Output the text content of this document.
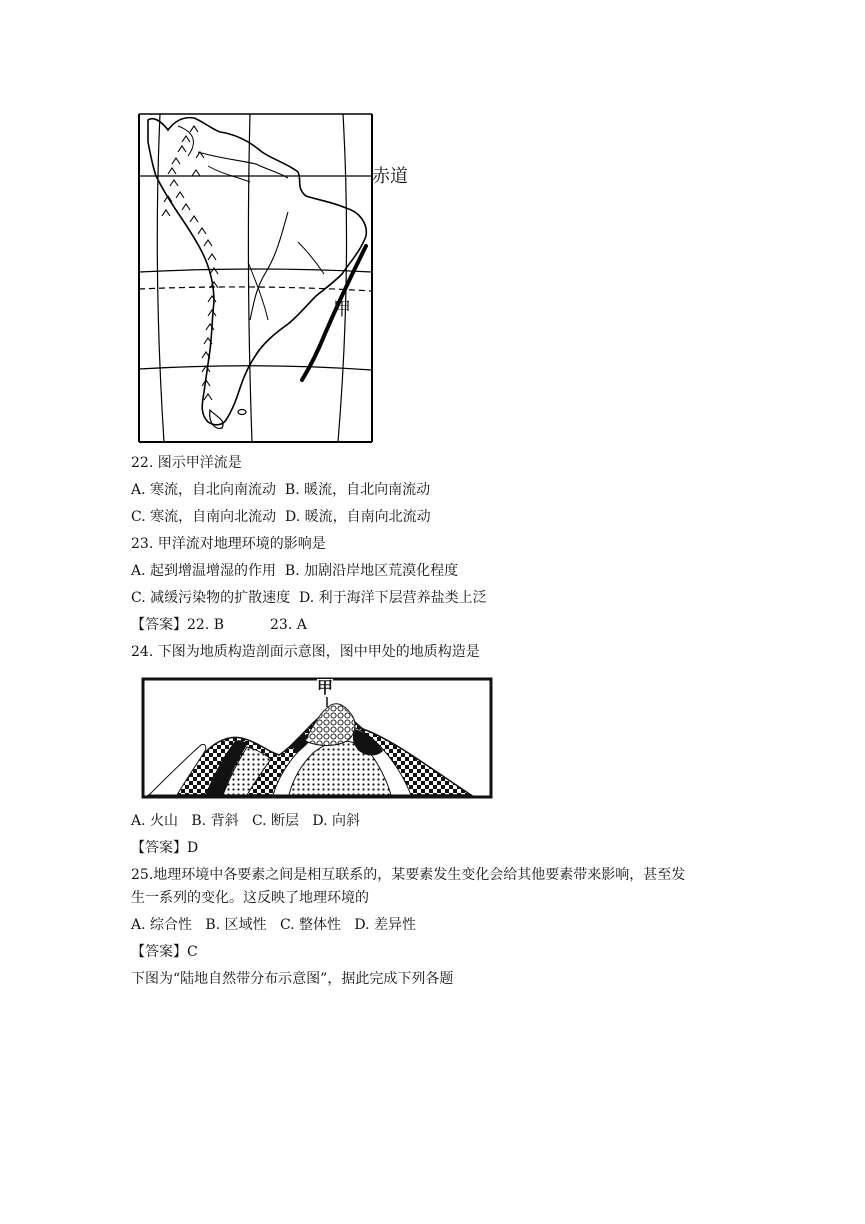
赤道
甲
22. 图示甲洋流是
A. 寒流，自北向南流动 B. 暖流，自北向南流动
C. 寒流，自南向北流动 D. 暖流，自南向北流动
23. 甲洋流对地理环境的影响是
A. 起到增温增湿的作用 B. 加剧沿岸地区荒漠化程度
C. 减缓污染物的扩散速度 D. 利于海洋下层营养盐类上泛
【答案】22. B	23. A
24. 下图为地质构造剖面示意图，图中甲处的地质构造是
甲
A. 火山 B. 背斜 C. 断层 D. 向斜
【答案】D
25.地理环境中各要素之间是相互联系的，某要素发生变化会给其他要素带来影响，甚至发
生一系列的变化。这反映了地理环境的
A. 综合性 B. 区域性 C. 整体性 D. 差异性
【答案】C
下图为“陆地自然带分布示意图”，据此完成下列各题
